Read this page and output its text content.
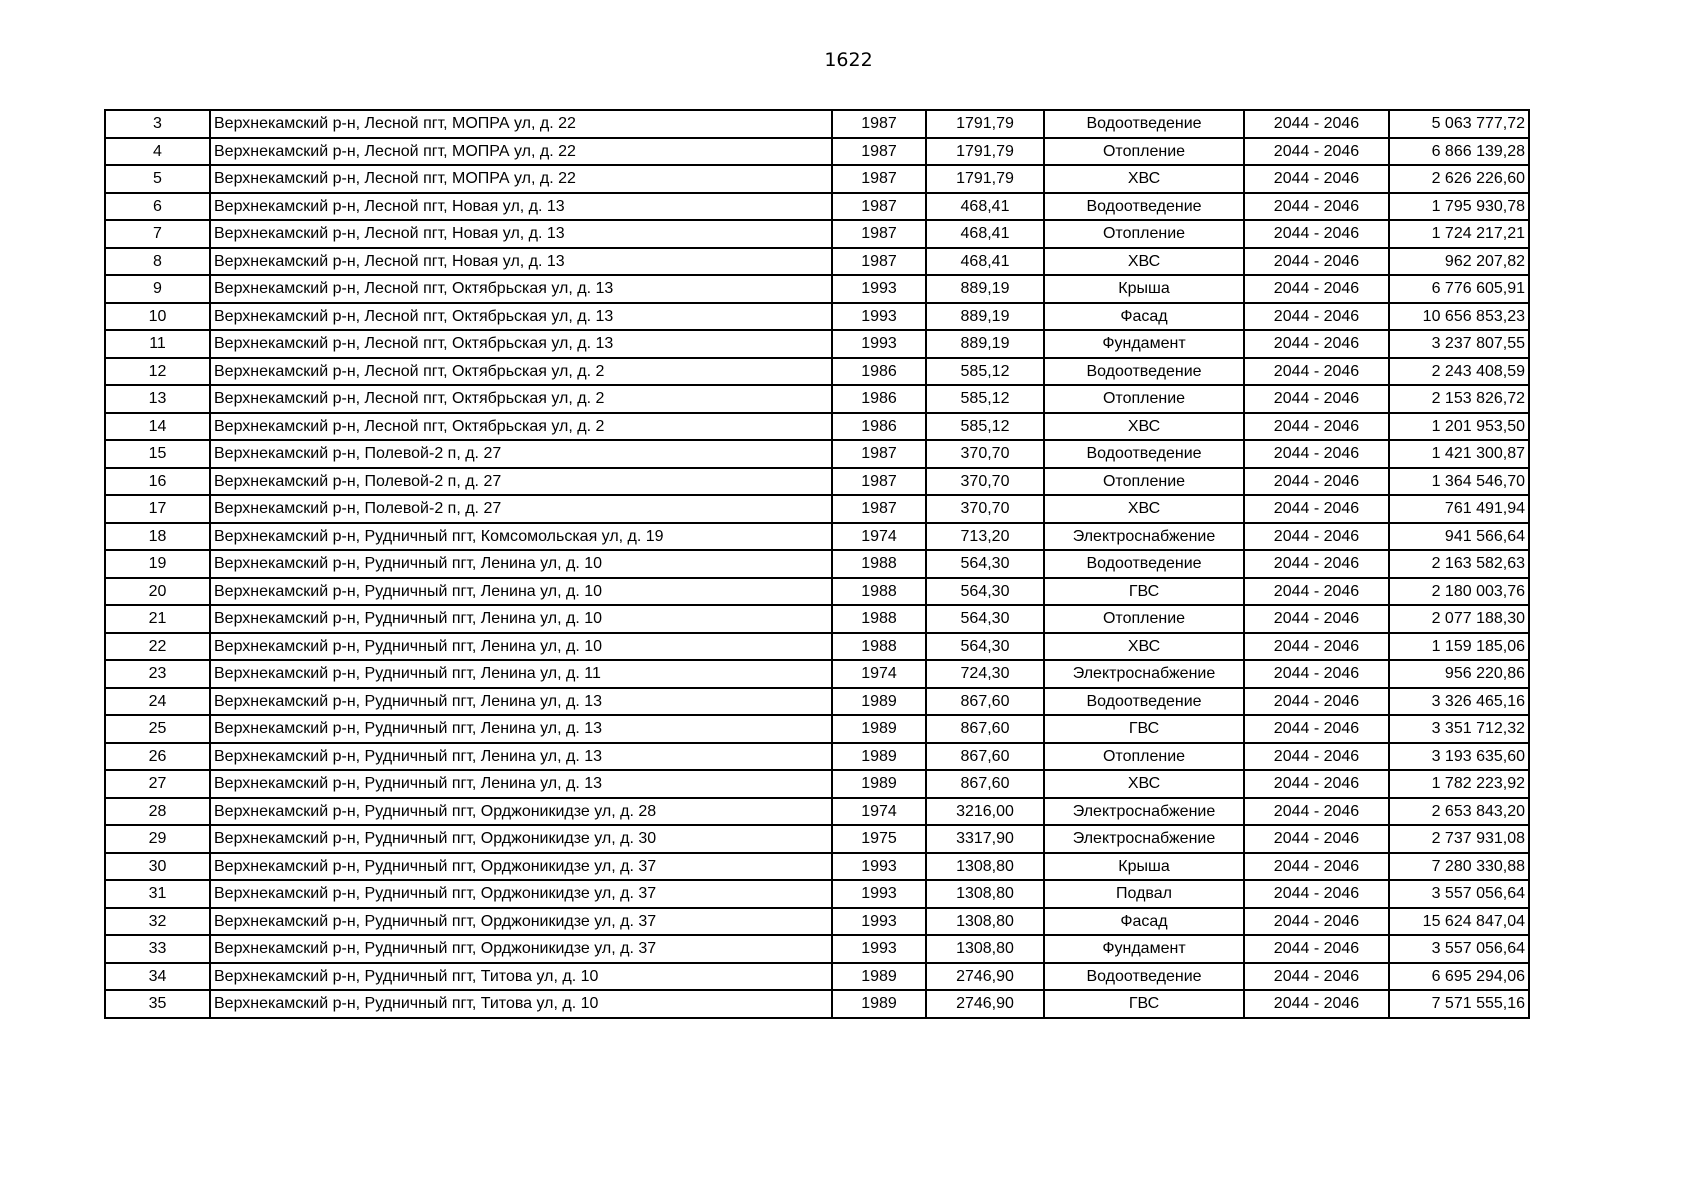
1622
3	Верхнекамский р-н, Лесной пгт, МОПРА ул, д. 22	1987	1791,79	Водоотведение	2044 - 2046	5 063 777,72
4	Верхнекамский р-н, Лесной пгт, МОПРА ул, д. 22	1987	1791,79	Отопление	2044 - 2046	6 866 139,28
5	Верхнекамский р-н, Лесной пгт, МОПРА ул, д. 22	1987	1791,79	ХВС	2044 - 2046	2 626 226,60
6	Верхнекамский р-н, Лесной пгт, Новая ул, д. 13	1987	468,41	Водоотведение	2044 - 2046	1 795 930,78
7	Верхнекамский р-н, Лесной пгт, Новая ул, д. 13	1987	468,41	Отопление	2044 - 2046	1 724 217,21
8	Верхнекамский р-н, Лесной пгт, Новая ул, д. 13	1987	468,41	ХВС	2044 - 2046	962 207,82
9	Верхнекамский р-н, Лесной пгт, Октябрьская ул, д. 13	1993	889,19	Крыша	2044 - 2046	6 776 605,91
10	Верхнекамский р-н, Лесной пгт, Октябрьская ул, д. 13	1993	889,19	Фасад	2044 - 2046	10 656 853,23
11	Верхнекамский р-н, Лесной пгт, Октябрьская ул, д. 13	1993	889,19	Фундамент	2044 - 2046	3 237 807,55
12	Верхнекамский р-н, Лесной пгт, Октябрьская ул, д. 2	1986	585,12	Водоотведение	2044 - 2046	2 243 408,59
13	Верхнекамский р-н, Лесной пгт, Октябрьская ул, д. 2	1986	585,12	Отопление	2044 - 2046	2 153 826,72
14	Верхнекамский р-н, Лесной пгт, Октябрьская ул, д. 2	1986	585,12	ХВС	2044 - 2046	1 201 953,50
15	Верхнекамский р-н, Полевой-2 п, д. 27	1987	370,70	Водоотведение	2044 - 2046	1 421 300,87
16	Верхнекамский р-н, Полевой-2 п, д. 27	1987	370,70	Отопление	2044 - 2046	1 364 546,70
17	Верхнекамский р-н, Полевой-2 п, д. 27	1987	370,70	ХВС	2044 - 2046	761 491,94
18	Верхнекамский р-н, Рудничный пгт, Комсомольская ул, д. 19	1974	713,20	Электроснабжение	2044 - 2046	941 566,64
19	Верхнекамский р-н, Рудничный пгт, Ленина ул, д. 10	1988	564,30	Водоотведение	2044 - 2046	2 163 582,63
20	Верхнекамский р-н, Рудничный пгт, Ленина ул, д. 10	1988	564,30	ГВС	2044 - 2046	2 180 003,76
21	Верхнекамский р-н, Рудничный пгт, Ленина ул, д. 10	1988	564,30	Отопление	2044 - 2046	2 077 188,30
22	Верхнекамский р-н, Рудничный пгт, Ленина ул, д. 10	1988	564,30	ХВС	2044 - 2046	1 159 185,06
23	Верхнекамский р-н, Рудничный пгт, Ленина ул, д. 11	1974	724,30	Электроснабжение	2044 - 2046	956 220,86
24	Верхнекамский р-н, Рудничный пгт, Ленина ул, д. 13	1989	867,60	Водоотведение	2044 - 2046	3 326 465,16
25	Верхнекамский р-н, Рудничный пгт, Ленина ул, д. 13	1989	867,60	ГВС	2044 - 2046	3 351 712,32
26	Верхнекамский р-н, Рудничный пгт, Ленина ул, д. 13	1989	867,60	Отопление	2044 - 2046	3 193 635,60
27	Верхнекамский р-н, Рудничный пгт, Ленина ул, д. 13	1989	867,60	ХВС	2044 - 2046	1 782 223,92
28	Верхнекамский р-н, Рудничный пгт, Орджоникидзе ул, д. 28	1974	3216,00	Электроснабжение	2044 - 2046	2 653 843,20
29	Верхнекамский р-н, Рудничный пгт, Орджоникидзе ул, д. 30	1975	3317,90	Электроснабжение	2044 - 2046	2 737 931,08
30	Верхнекамский р-н, Рудничный пгт, Орджоникидзе ул, д. 37	1993	1308,80	Крыша	2044 - 2046	7 280 330,88
31	Верхнекамский р-н, Рудничный пгт, Орджоникидзе ул, д. 37	1993	1308,80	Подвал	2044 - 2046	3 557 056,64
32	Верхнекамский р-н, Рудничный пгт, Орджоникидзе ул, д. 37	1993	1308,80	Фасад	2044 - 2046	15 624 847,04
33	Верхнекамский р-н, Рудничный пгт, Орджоникидзе ул, д. 37	1993	1308,80	Фундамент	2044 - 2046	3 557 056,64
34	Верхнекамский р-н, Рудничный пгт, Титова ул, д. 10	1989	2746,90	Водоотведение	2044 - 2046	6 695 294,06
35	Верхнекамский р-н, Рудничный пгт, Титова ул, д. 10	1989	2746,90	ГВС	2044 - 2046	7 571 555,16
